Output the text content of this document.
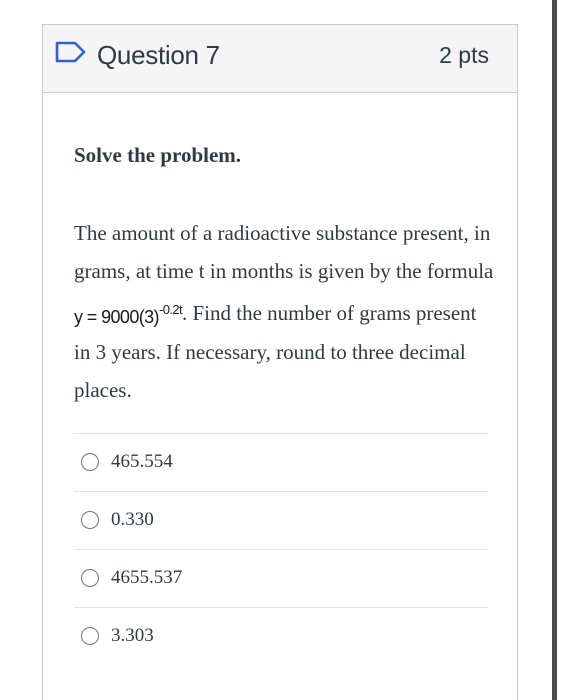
Question 7	2 pts
Solve the problem.
The amount of a radioactive substance present, in grams, at time t in months is given by the formula $y = 9000(3)^{-0.2t}$. Find the number of grams present in 3 years. If necessary, round to three decimal places.
465.554
0.330
4655.537
3.303
